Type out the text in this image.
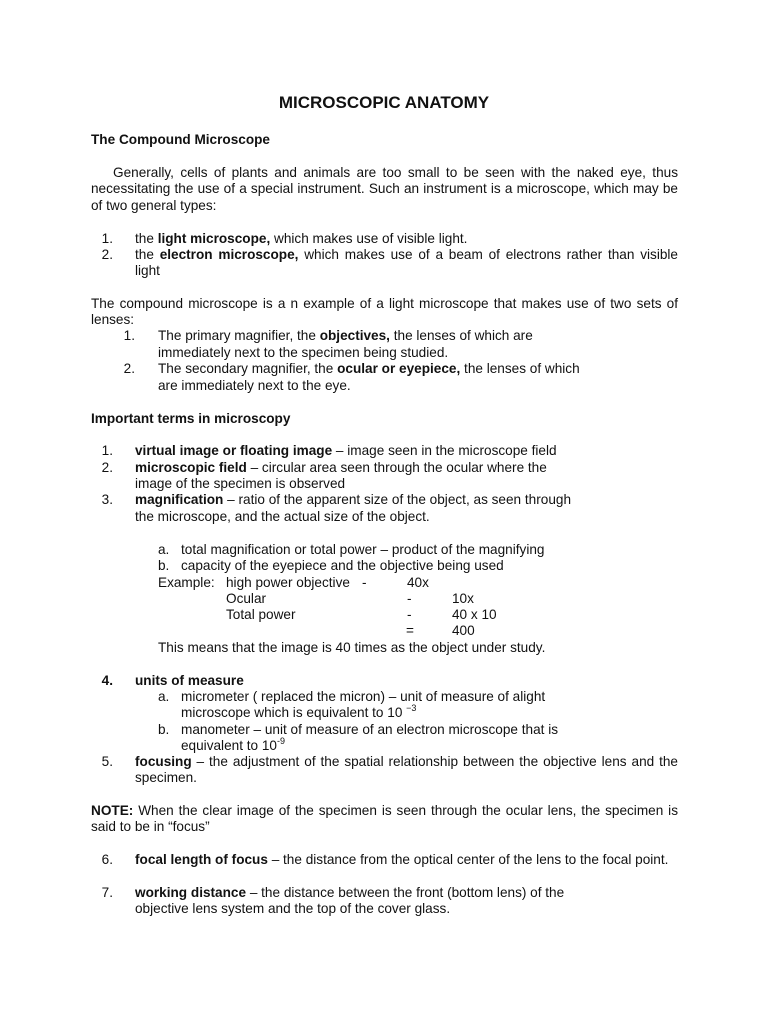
MICROSCOPIC ANATOMY
The Compound Microscope
Generally, cells of plants and animals are too small to be seen with the naked eye, thus necessitating the use of a special instrument. Such an instrument is a microscope, which may be of two general types:
1. the light microscope, which makes use of visible light.
2. the electron microscope, which makes use of a beam of electrons rather than visible light
The compound microscope is a n example of a light microscope that makes use of two sets of lenses:
1. The primary magnifier, the objectives, the lenses of which are
immediately next to the specimen being studied.
2. The secondary magnifier, the ocular or eyepiece, the lenses of which
are immediately next to the eye.
Important terms in microscopy
1. virtual image or floating image – image seen in the microscope field
2. microscopic field – circular area seen through the ocular where the
image of the specimen is observed
3. magnification – ratio of the apparent size of the object, as seen through
the microscope, and the actual size of the object.
a. total magnification or total power – product of the magnifying
b. capacity of the eyepiece and the objective being used
Example: high power objective -	40x
Ocular	-	10x
Total power	-	40 x 10
=	400
This means that the image is 40 times as the object under study.
4. units of measure
a. micrometer ( replaced the micron) – unit of measure of alight
microscope which is equivalent to 10 $^{-3}$
b. manometer – unit of measure of an electron microscope that is
equivalent to $10^{-9}$
5. focusing – the adjustment of the spatial relationship between the objective lens and the specimen.
NOTE: When the clear image of the specimen is seen through the ocular lens, the specimen is said to be in “focus”
6. focal length of focus – the distance from the optical center of the lens to the focal point.
7. working distance – the distance between the front (bottom lens) of the
objective lens system and the top of the cover glass.
